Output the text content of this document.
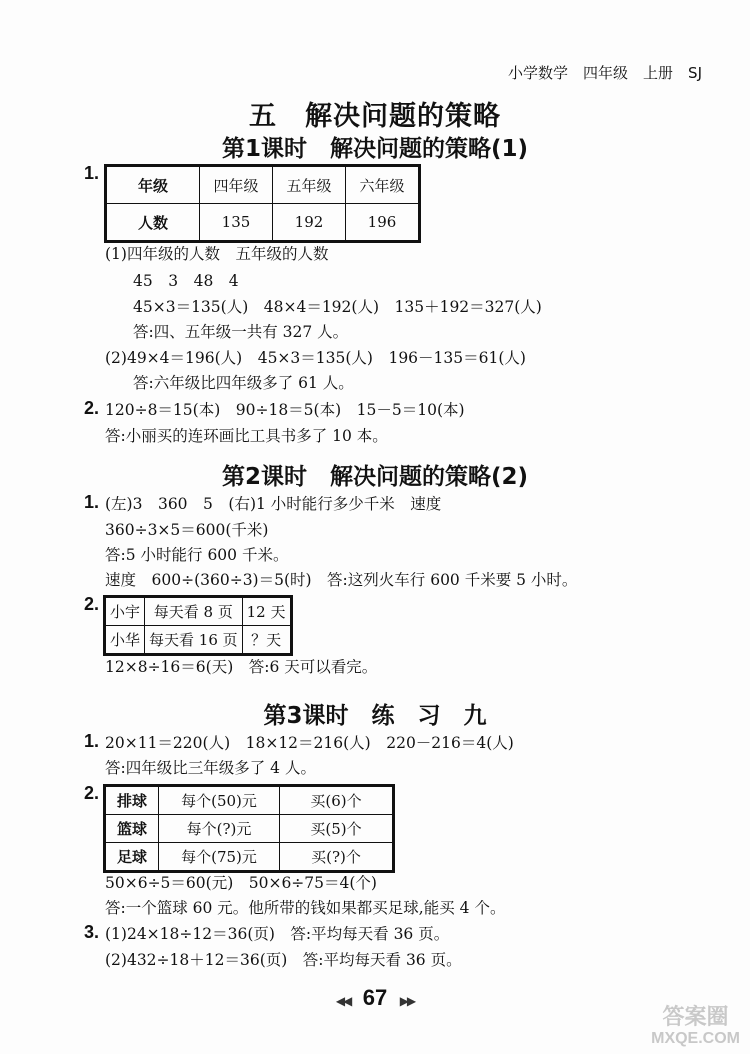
小学数学　四年级　上册　SJ
五　解决问题的策略
第1课时　解决问题的策略(1)
1.
年级	四年级	五年级	六年级
人数	135	192	196
(1)四年级的人数　五年级的人数
45　3　48　4
45×3＝135(人)　48×4＝192(人)　135＋192＝327(人)
答:四、五年级一共有 327 人。
(2)49×4＝196(人)　45×3＝135(人)　196－135＝61(人)
答:六年级比四年级多了 61 人。
2. 120÷8＝15(本)　90÷18＝5(本)　15－5＝10(本)
答:小丽买的连环画比工具书多了 10 本。
第2课时　解决问题的策略(2)
1. (左)3　360　5　(右)1 小时能行多少千米　速度
360÷3×5＝600(千米)
答:5 小时能行 600 千米。
速度　600÷(360÷3)＝5(时)　答:这列火车行 600 千米要 5 小时。
2. 小宇	每天看 8 页	12 天
小华	每天看 16 页	？天
12×8÷16＝6(天)　答:6 天可以看完。
第3课时　练　习　九
1. 20×11＝220(人)　18×12＝216(人)　220－216＝4(人)
答:四年级比三年级多了 4 人。
2. 排球	每个(50)元	买(6)个
篮球	每个(?)元	买(5)个
足球	每个(75)元	买(?)个
50×6÷5＝60(元)　50×6÷75＝4(个)
答:一个篮球 60 元。他所带的钱如果都买足球,能买 4 个。
3. (1)24×18÷12＝36(页)　答:平均每天看 36 页。
(2)432÷18＋12＝36(页)　答:平均每天看 36 页。
◀◀ 67 ▶▶
答案圈
MXQE.COM
